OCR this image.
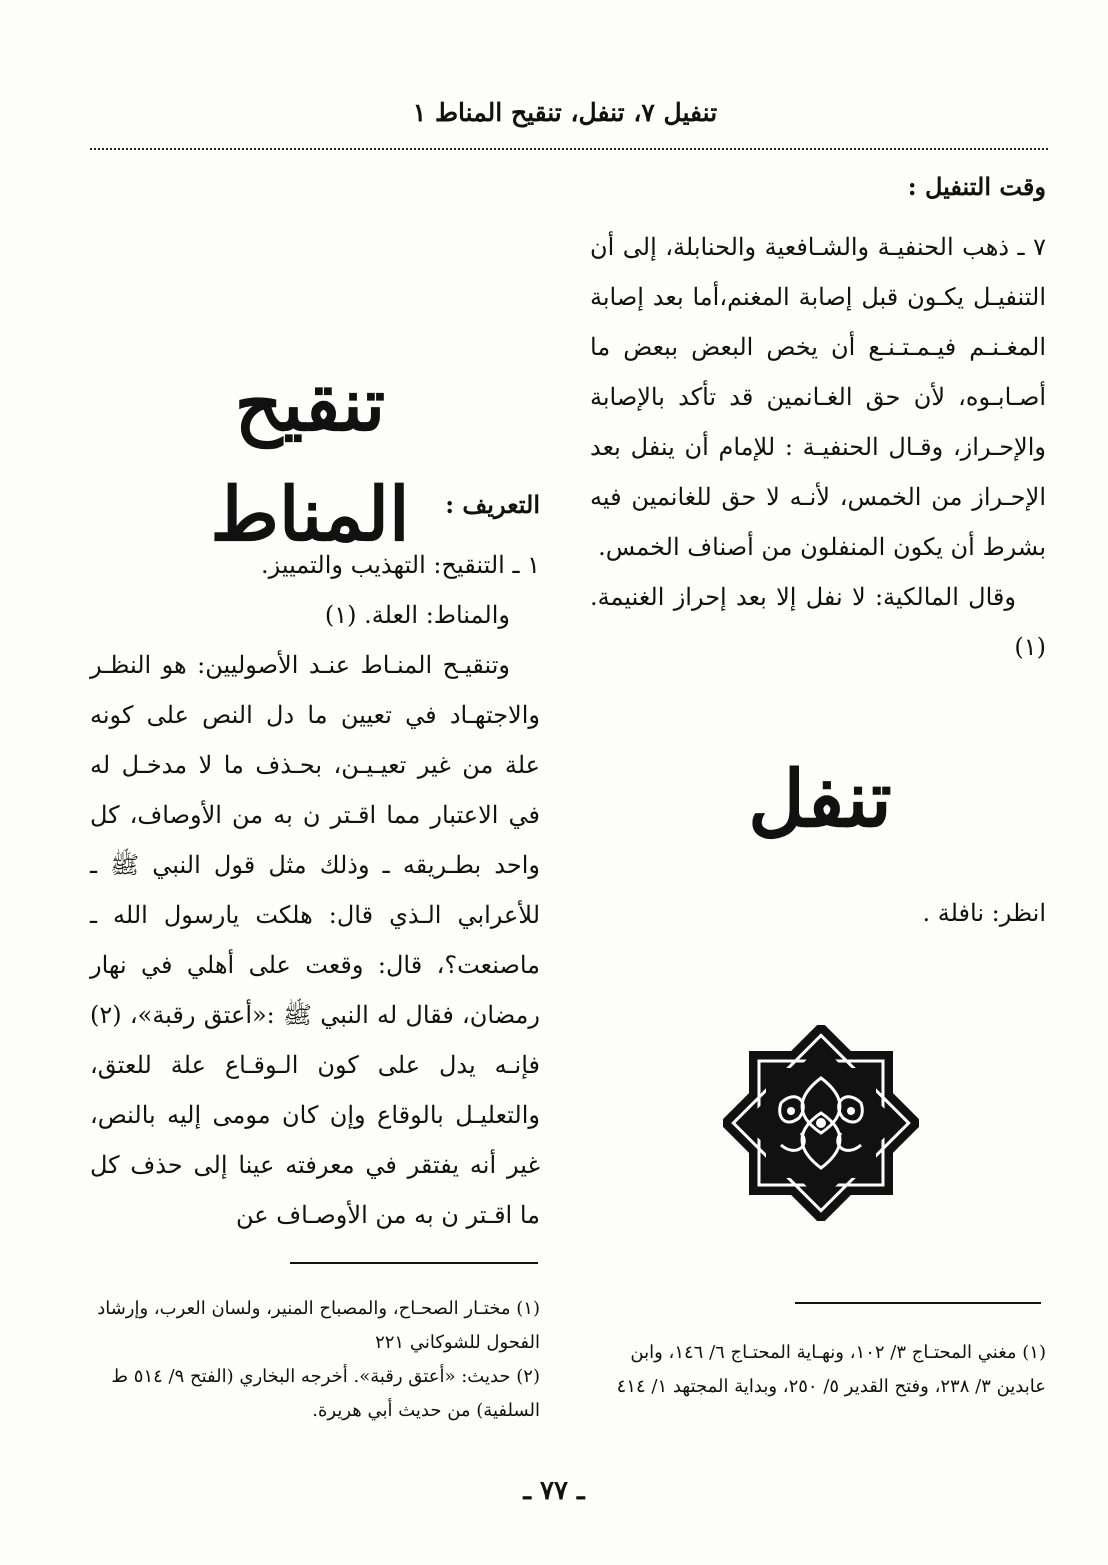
تنفيل ٧، تنفل، تنقيح المناط ١
وقت التنفيل :

٧ ـ ذهب الحنفيـة والشـافعية والحنابلة، إلى أن التنفيـل يكـون قبل إصابة المغنم،أما بعد إصابة المغـنـم فيـمـتـنـع أن يخص البعض ببعض ما أصـابـوه، لأن حق الغـانمين قد تأكد بالإصابة والإحـراز، وقـال الحنفيـة : للإمام أن ينفل بعد الإحـراز من الخمس، لأنـه لا حق للغانمين فيه بشرط أن يكون المنفلون من أصناف الخمس.

وقال المالكية: لا نفل إلا بعد إحراز الغنيمة. (١)

تنفل
انظر: نافلة .
تنقيح المناط	التعريف :

١ ـ التنقيح: التهذيب والتمييز.

والمناط: العلة. (١)

وتنقيـح المنـاط عنـد الأصوليين: هو النظـر والاجتهـاد في تعيين ما دل النص على كونه علة من غير تعيـيـن، بحـذف ما لا مدخـل له في الاعتبار مما اقـتر ن به من الأوصاف، كل واحد بطـريقه ـ وذلك مثل قول النبي ﷺ ـ للأعرابي الـذي قال: هلكت يارسول الله ـ ماصنعت؟، قال: وقعت على أهلي في نهار رمضان، فقال له النبي ﷺ :«أعتق رقبة»، (٢) فإنـه يدل على كون الـوقـاع علة للعتق، والتعليـل بالوقاع وإن كان مومى إليه بالنص، غير أنه يفتقر في معرفته عينا إلى حذف كل ما اقـتر ن به من الأوصـاف عن

(١) مختـار الصحـاح، والمصباح المنير، ولسان العرب، وإرشاد الفحول للشوكاني ٢٢١

(٢) حديث: «أعتق رقبة». أخرجه البخاري (الفتح ٩/ ٥١٤ ط السلفية) من حديث أبي هريرة.

(١) مغني المحتـاج ٣/ ١٠٢، ونهـاية المحتـاج ٦/ ١٤٦، وابن عابدين ٣/ ٢٣٨، وفتح القدير ٥/ ٢٥٠، وبداية المجتهد ١/ ٤١٤

ـ ٧٧ ـ
